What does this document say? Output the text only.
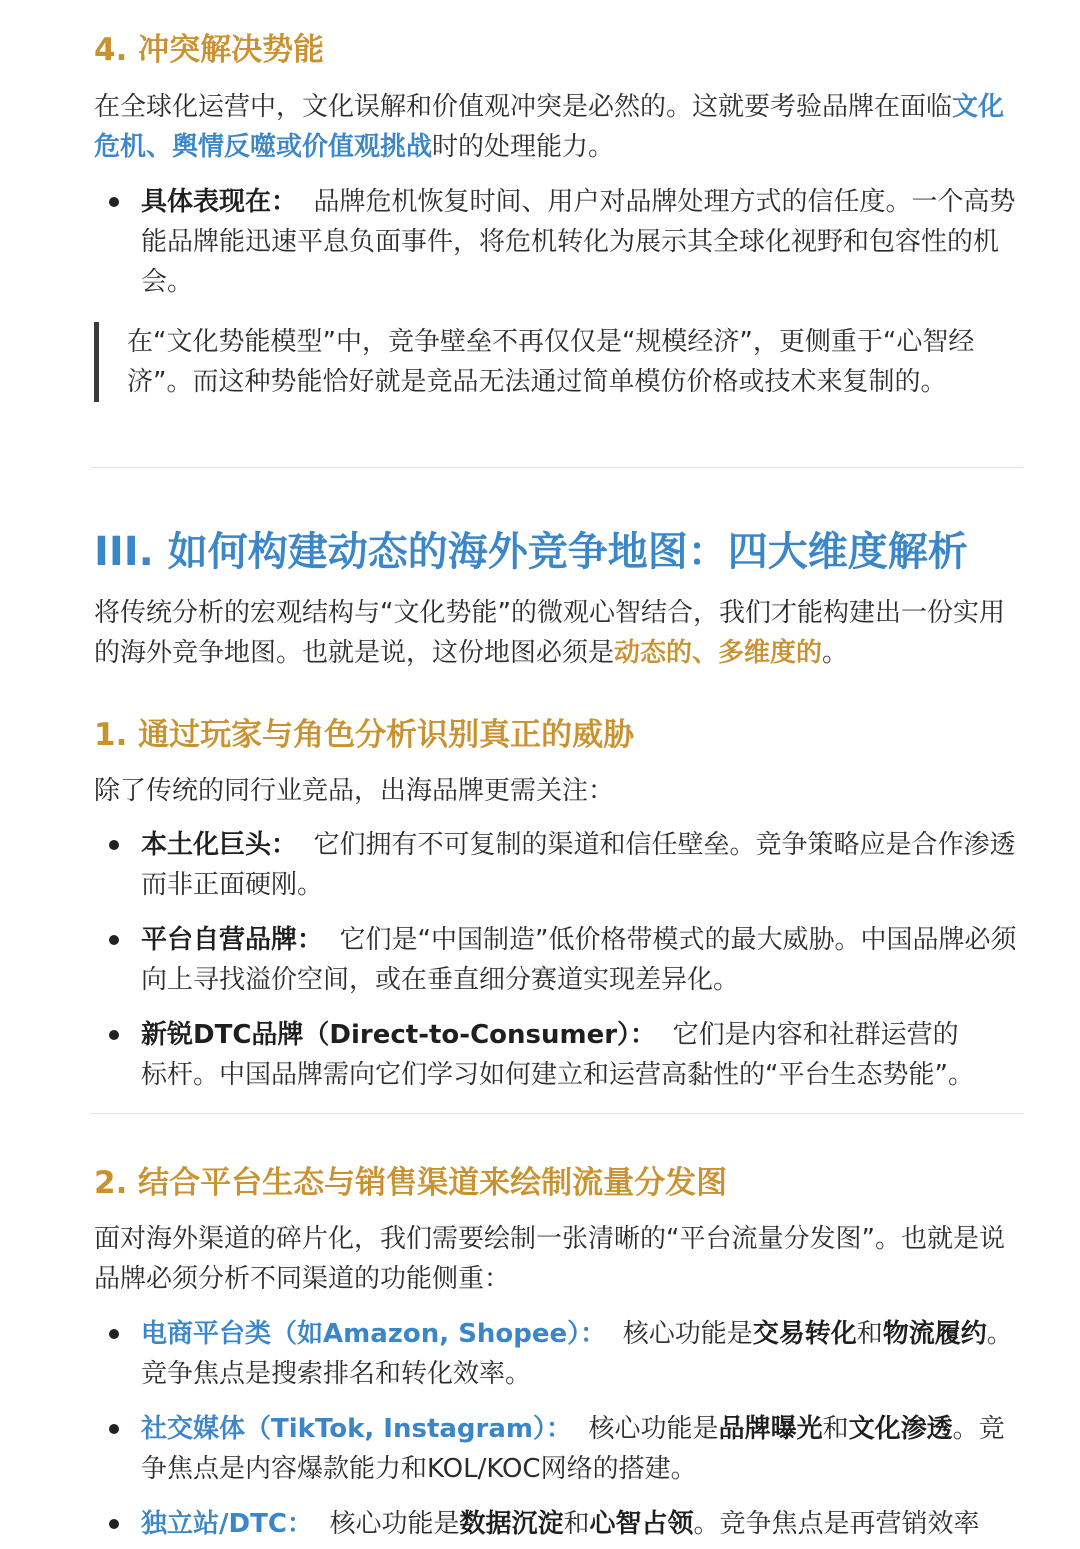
4. 冲突解决势能

在全球化运营中，文化误解和价值观冲突是必然的。这就要考验品牌在面临文化危机、舆情反噬或价值观挑战时的处理能力。

具体表现在： 品牌危机恢复时间、用户对品牌处理方式的信任度。一个高势能品牌能迅速平息负面事件，将危机转化为展示其全球化视野和包容性的机会。
在“文化势能模型”中，竞争壁垒不再仅仅是“规模经济”，更侧重于“心智经济”。而这种势能恰好就是竞品无法通过简单模仿价格或技术来复制的。
III. 如何构建动态的海外竞争地图：四大维度解析

将传统分析的宏观结构与“文化势能”的微观心智结合，我们才能构建出一份实用的海外竞争地图。也就是说，这份地图必须是动态的、多维度的。

1. 通过玩家与角色分析识别真正的威胁

除了传统的同行业竞品，出海品牌更需关注：

本土化巨头： 它们拥有不可复制的渠道和信任壁垒。竞争策略应是合作渗透而非正面硬刚。
平台自营品牌： 它们是“中国制造”低价格带模式的最大威胁。中国品牌必须向上寻找溢价空间，或在垂直细分赛道实现差异化。
新锐DTC品牌（Direct-to-Consumer）： 它们是内容和社群运营的标杆。中国品牌需向它们学习如何建立和运营高黏性的“平台生态势能”。
2. 结合平台生态与销售渠道来绘制流量分发图

面对海外渠道的碎片化，我们需要绘制一张清晰的“平台流量分发图”。也就是说品牌必须分析不同渠道的功能侧重：

电商平台类（如Amazon, Shopee）： 核心功能是交易转化和物流履约。竞争焦点是搜索排名和转化效率。
社交媒体（TikTok, Instagram）： 核心功能是品牌曝光和文化渗透。竞争焦点是内容爆款能力和KOL/KOC网络的搭建。
独立站/DTC： 核心功能是数据沉淀和心智占领。竞争焦点是再营销效率
